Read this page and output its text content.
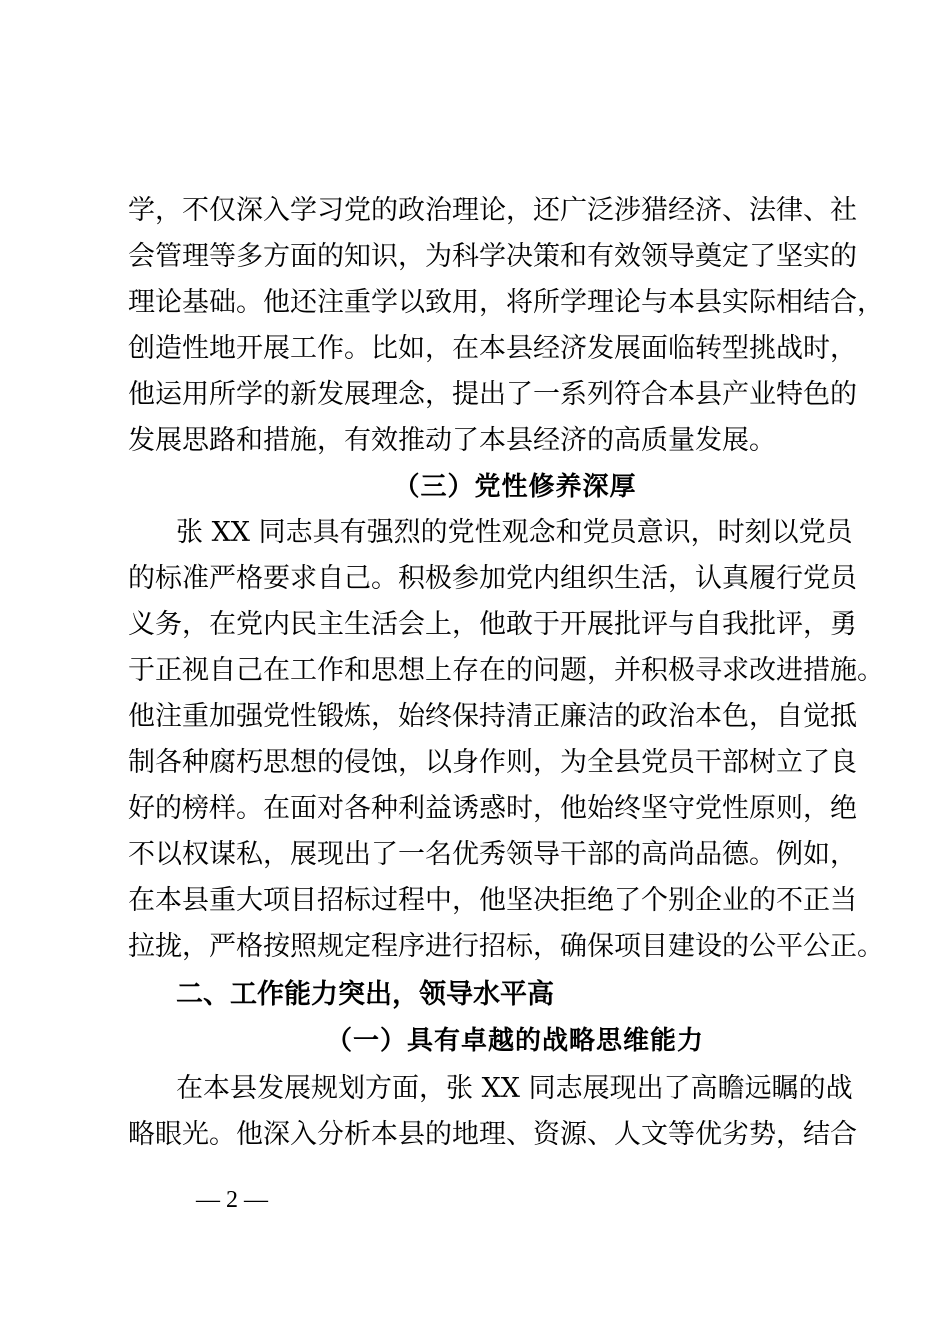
学，不仅深入学习党的政治理论，还广泛涉猎经济、法律、社
会管理等多方面的知识，为科学决策和有效领导奠定了坚实的
理论基础。他还注重学以致用，将所学理论与本县实际相结合，
创造性地开展工作。比如，在本县经济发展面临转型挑战时，
他运用所学的新发展理念，提出了一系列符合本县产业特色的
发展思路和措施，有效推动了本县经济的高质量发展。
（三）党性修养深厚
张 XX 同志具有强烈的党性观念和党员意识，时刻以党员
的标准严格要求自己。积极参加党内组织生活，认真履行党员
义务，在党内民主生活会上，他敢于开展批评与自我批评，勇
于正视自己在工作和思想上存在的问题，并积极寻求改进措施。
他注重加强党性锻炼，始终保持清正廉洁的政治本色，自觉抵
制各种腐朽思想的侵蚀，以身作则，为全县党员干部树立了良
好的榜样。在面对各种利益诱惑时，他始终坚守党性原则，绝
不以权谋私，展现出了一名优秀领导干部的高尚品德。例如，
在本县重大项目招标过程中，他坚决拒绝了个别企业的不正当
拉拢，严格按照规定程序进行招标，确保项目建设的公平公正。
二、工作能力突出，领导水平高
（一）具有卓越的战略思维能力
在本县发展规划方面，张 XX 同志展现出了高瞻远瞩的战
略眼光。他深入分析本县的地理、资源、人文等优劣势，结合
— 2 —
